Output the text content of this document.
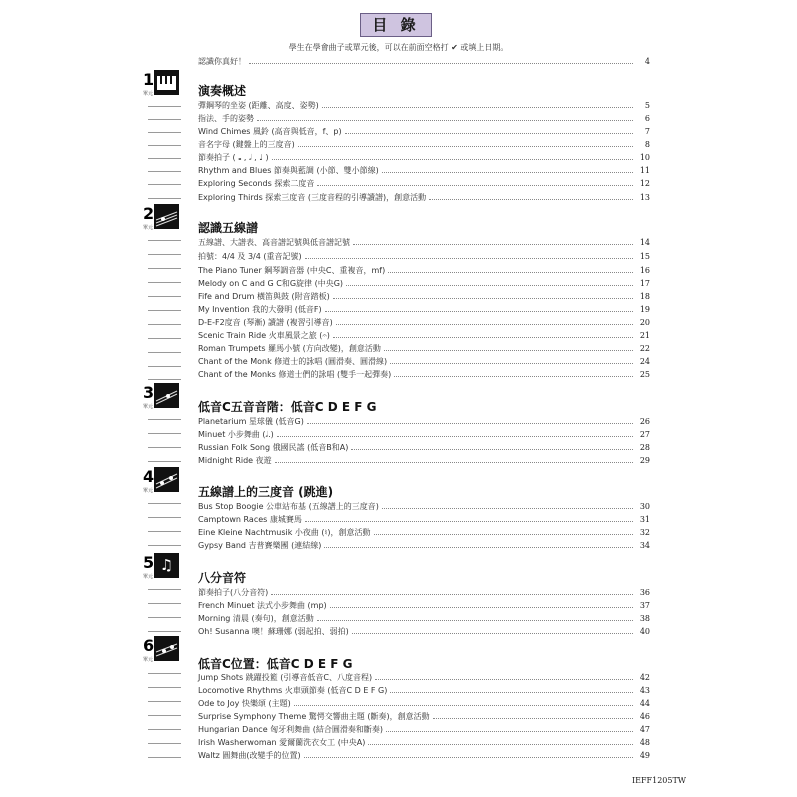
目 錄
學生在學會曲子或單元後，可以在前面空格打 ✔ 或填上日期。
認識你真好！	4
1
單元
2
單元
3
單元
4
單元
5
單元
♫
6
單元
演奏概述
彈鋼琴的坐姿 (距離、高度、姿勢)	5
指法、手的姿勢	6
Wind Chimes 風鈴 (高音與低音，f、p)	7
音名字母 (鍵盤上的三度音)	8
節奏拍子 ( 𝅝 , 𝅗𝅥 , ♩ )	10
Rhythm and Blues 節奏與藍調 (小節、雙小節線)	11
Exploring Seconds 探索二度音	12
Exploring Thirds 探索三度音 (三度音程的引導讀譜)，創意活動	13
認識五線譜
五線譜、大譜表、高音譜記號與低音譜記號	14
拍號：4/4 及 3/4 (重音記號)	15
The Piano Tuner 鋼琴調音器 (中央C、重複音，mf)	16
Melody on C and G C和G旋律 (中央G)	17
Fife and Drum 橫笛與鼓 (附音踏板)	18
My Invention 我的大發明 (低音F)	19
D-E-F2度音 (琴漸) 讀譜 (複習引導音)	20
Scenic Train Ride 火車風景之旅 (𝄐)	21
Roman Trumpets 羅馬小號 (方向改變)，創意活動	22
Chant of the Monk 修道士的詠唱 (圓滑奏、圓滑線)	24
Chant of the Monks 修道士們的詠唱 (雙手一起彈奏)	25
低音C五音音階：低音C D E F G
Planetarium 星球儀 (低音G)	26
Minuet 小步舞曲 (𝅗𝅥.)	27
Russian Folk Song 俄國民謠 (低音B和A)	28
Midnight Ride 夜遊	29
五線譜上的三度音 (跳進)
Bus Stop Boogie 公車站布基 (五線譜上的三度音)	30
Camptown Races 康城賽馬	31
Eine Kleine Nachtmusik 小夜曲 (♮)，創意活動	32
Gypsy Band 吉普賽樂團 (連結線)	34
八分音符
節奏拍子(八分音符)	36
French Minuet 法式小步舞曲 (mp)	37
Morning 清晨 (奏句)，創意活動	38
Oh! Susanna 噢！蘇珊娜 (弱起拍、弱拍)	40
低音C位置：低音C D E F G
Jump Shots 跳躍投籃 (引導音低音C、八度音程)	42
Locomotive Rhythms 火車頭節奏 (低音C D E F G)	43
Ode to Joy 快樂頌 (主題)	44
Surprise Symphony Theme 驚愕交響曲主題 (斷奏)，創意活動	46
Hungarian Dance 匈牙利舞曲 (結合圓滑奏和斷奏)	47
Irish Washerwoman 愛爾蘭洗衣女工 (中央A)	48
Waltz 圓舞曲(改變手的位置)	49
IEFF1205TW
